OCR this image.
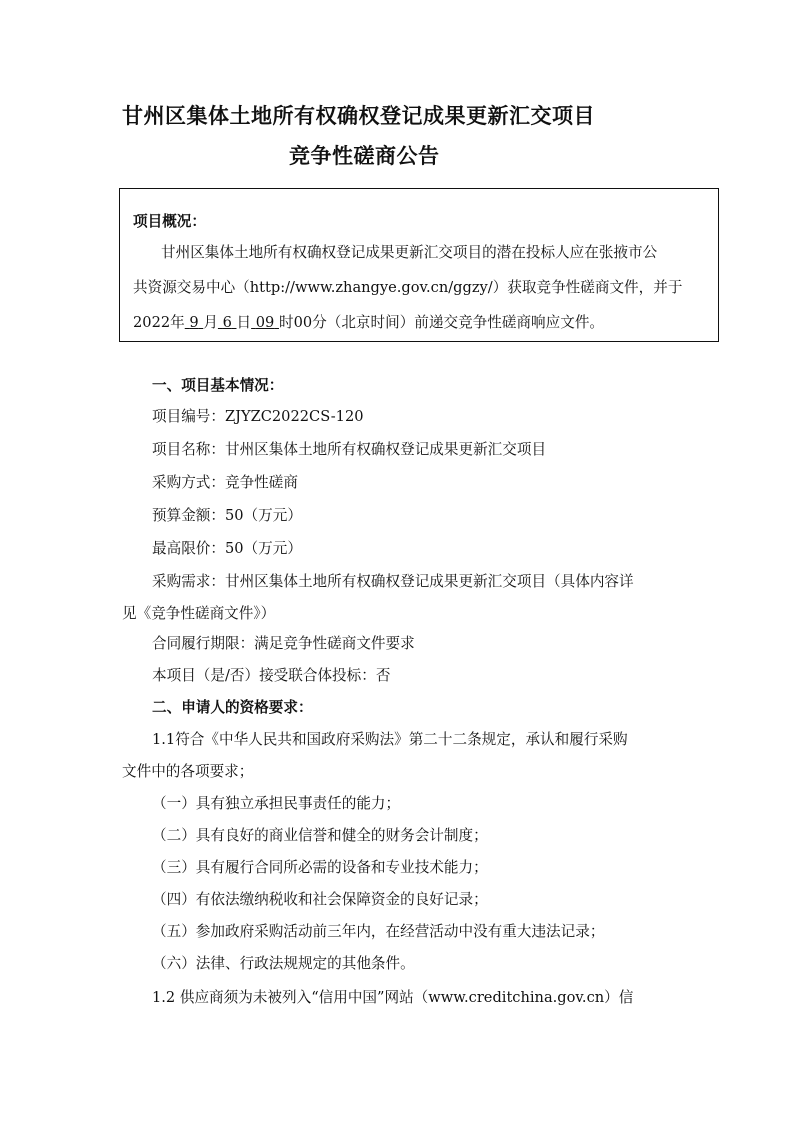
甘州区集体土地所有权确权登记成果更新汇交项目
竞争性磋商公告
项目概况：
甘州区集体土地所有权确权登记成果更新汇交项目的潜在投标人应在张掖市公
共资源交易中心（http://www.zhangye.gov.cn/ggzy/）获取竞争性磋商文件，并于
2022年 9 月 6 日 09 时00分（北京时间）前递交竞争性磋商响应文件。
一、项目基本情况：
项目编号：ZJYZC2022CS-120
项目名称：甘州区集体土地所有权确权登记成果更新汇交项目
采购方式：竞争性磋商
预算金额：50（万元）
最高限价：50（万元）
采购需求：甘州区集体土地所有权确权登记成果更新汇交项目（具体内容详
见《竞争性磋商文件》）
合同履行期限：满足竞争性磋商文件要求
本项目（是/否）接受联合体投标：否
二、申请人的资格要求：
1.1符合《中华人民共和国政府采购法》第二十二条规定，承认和履行采购
文件中的各项要求；
（一）具有独立承担民事责任的能力；
（二）具有良好的商业信誉和健全的财务会计制度；
（三）具有履行合同所必需的设备和专业技术能力；
（四）有依法缴纳税收和社会保障资金的良好记录；
（五）参加政府采购活动前三年内，在经营活动中没有重大违法记录；
（六）法律、行政法规规定的其他条件。
1.2 供应商须为未被列入“信用中国”网站（www.creditchina.gov.cn）信
